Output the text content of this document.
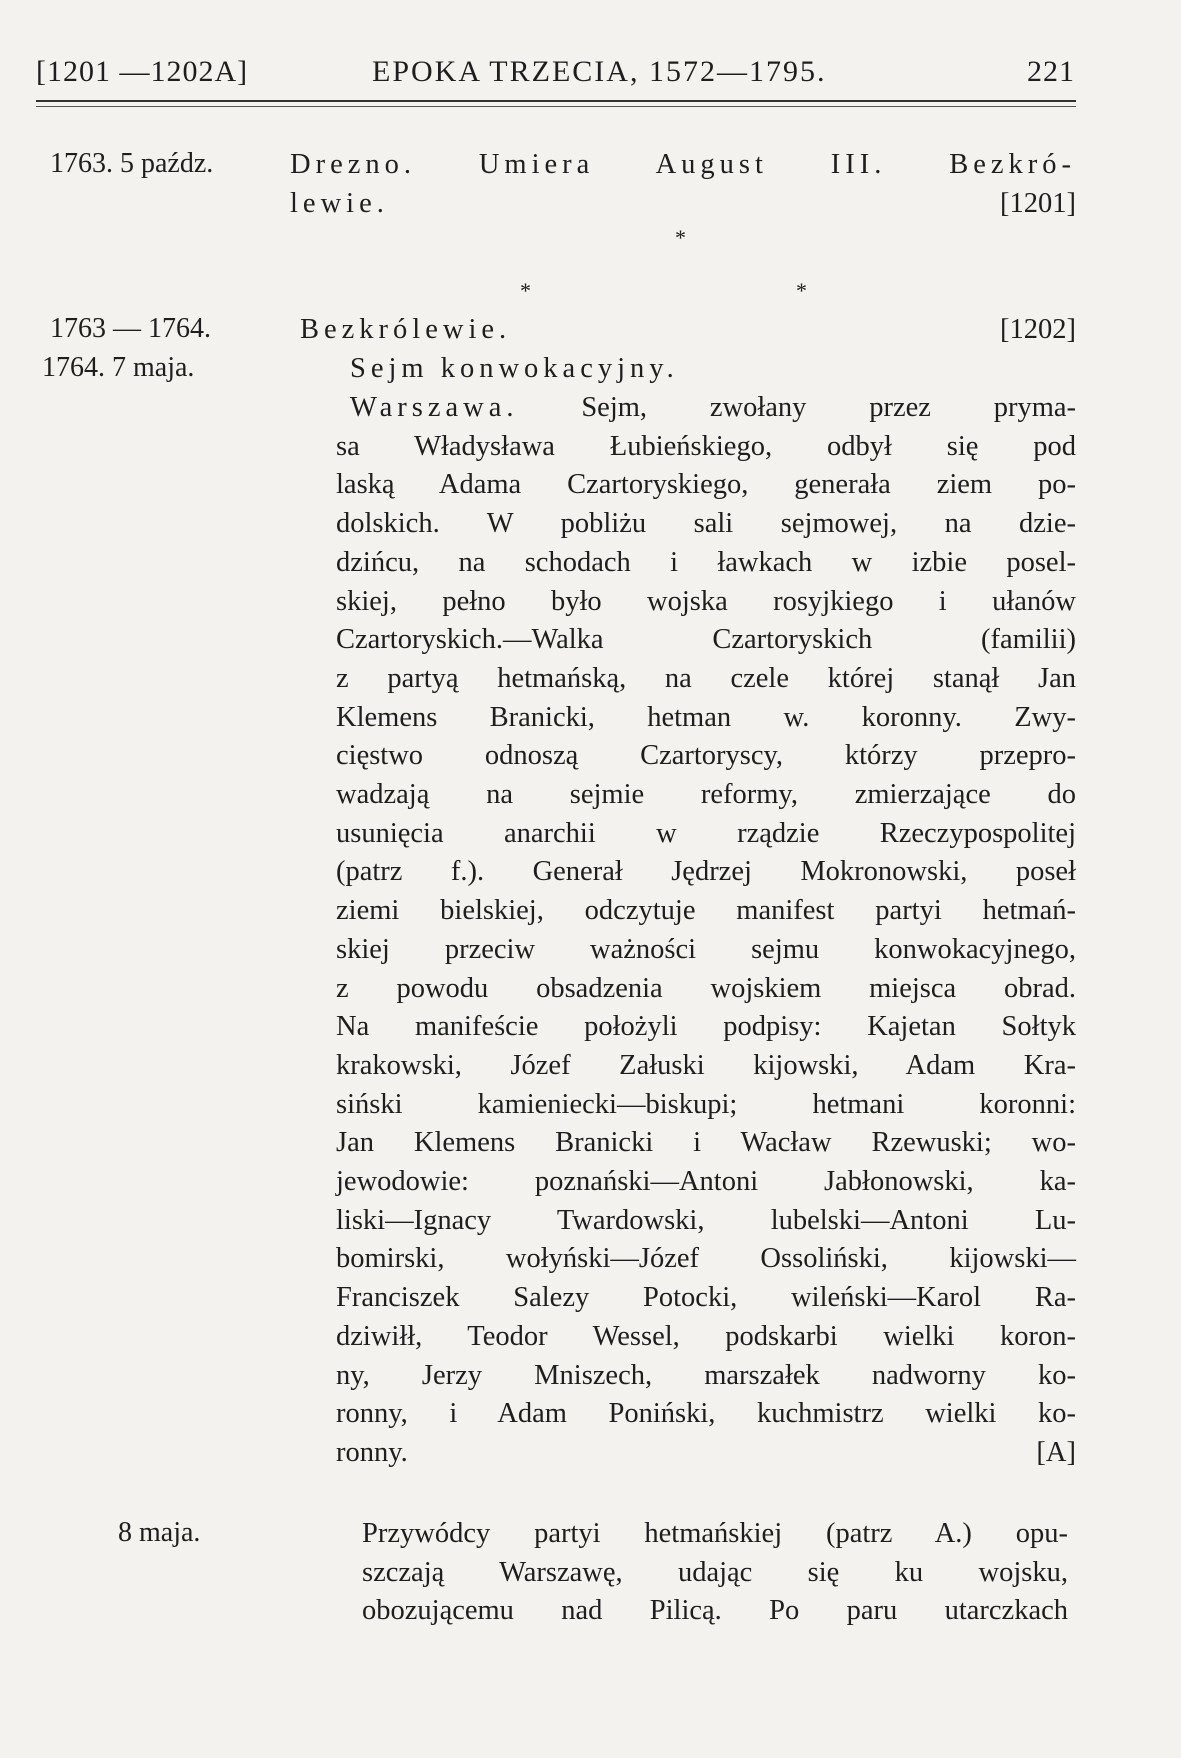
[1201 —1202A]	EPOKA TRZECIA, 1572—1795.	221
1763. 5 paźdz.	Drezno. Umiera August III. Bezkró-
lewie.	[1201]
*
*	*
1763 — 1764.	Bezkrólewie.	[1202]
1764. 7 maja.	Sejm konwokacyjny.
Warszawa. Sejm, zwołany przez pryma-
sa Władysława Łubieńskiego, odbył się pod
laską Adama Czartoryskiego, generała ziem po-
dolskich. W pobliżu sali sejmowej, na dzie-
dzińcu, na schodach i ławkach w izbie posel-
skiej, pełno było wojska rosyjkiego i ułanów
Czartoryskich.—Walka Czartoryskich (familii)
z partyą hetmańską, na czele której stanął Jan
Klemens Branicki, hetman w. koronny. Zwy-
cięstwo odnoszą Czartoryscy, którzy przepro-
wadzają na sejmie reformy, zmierzające do
usunięcia anarchii w rządzie Rzeczypospolitej
(patrz f.). Generał Jędrzej Mokronowski, poseł
ziemi bielskiej, odczytuje manifest partyi hetmań-
skiej przeciw ważności sejmu konwokacyjnego,
z powodu obsadzenia wojskiem miejsca obrad.
Na manifeście położyli podpisy: Kajetan Sołtyk
krakowski, Józef Załuski kijowski, Adam Kra-
siński kamieniecki—biskupi; hetmani koronni:
Jan Klemens Branicki i Wacław Rzewuski; wo-
jewodowie: poznański—Antoni Jabłonowski, ka-
liski—Ignacy Twardowski, lubelski—Antoni Lu-
bomirski, wołyński—Józef Ossoliński, kijowski—
Franciszek Salezy Potocki, wileński—Karol Ra-
dziwiłł, Teodor Wessel, podskarbi wielki koron-
ny, Jerzy Mniszech, marszałek nadworny ko-
ronny, i Adam Poniński, kuchmistrz wielki ko-
ronny.	[A]
8 maja.	Przywódcy partyi hetmańskiej (patrz A.) opu-
szczają Warszawę, udając się ku wojsku,
obozującemu nad Pilicą. Po paru utarczkach
